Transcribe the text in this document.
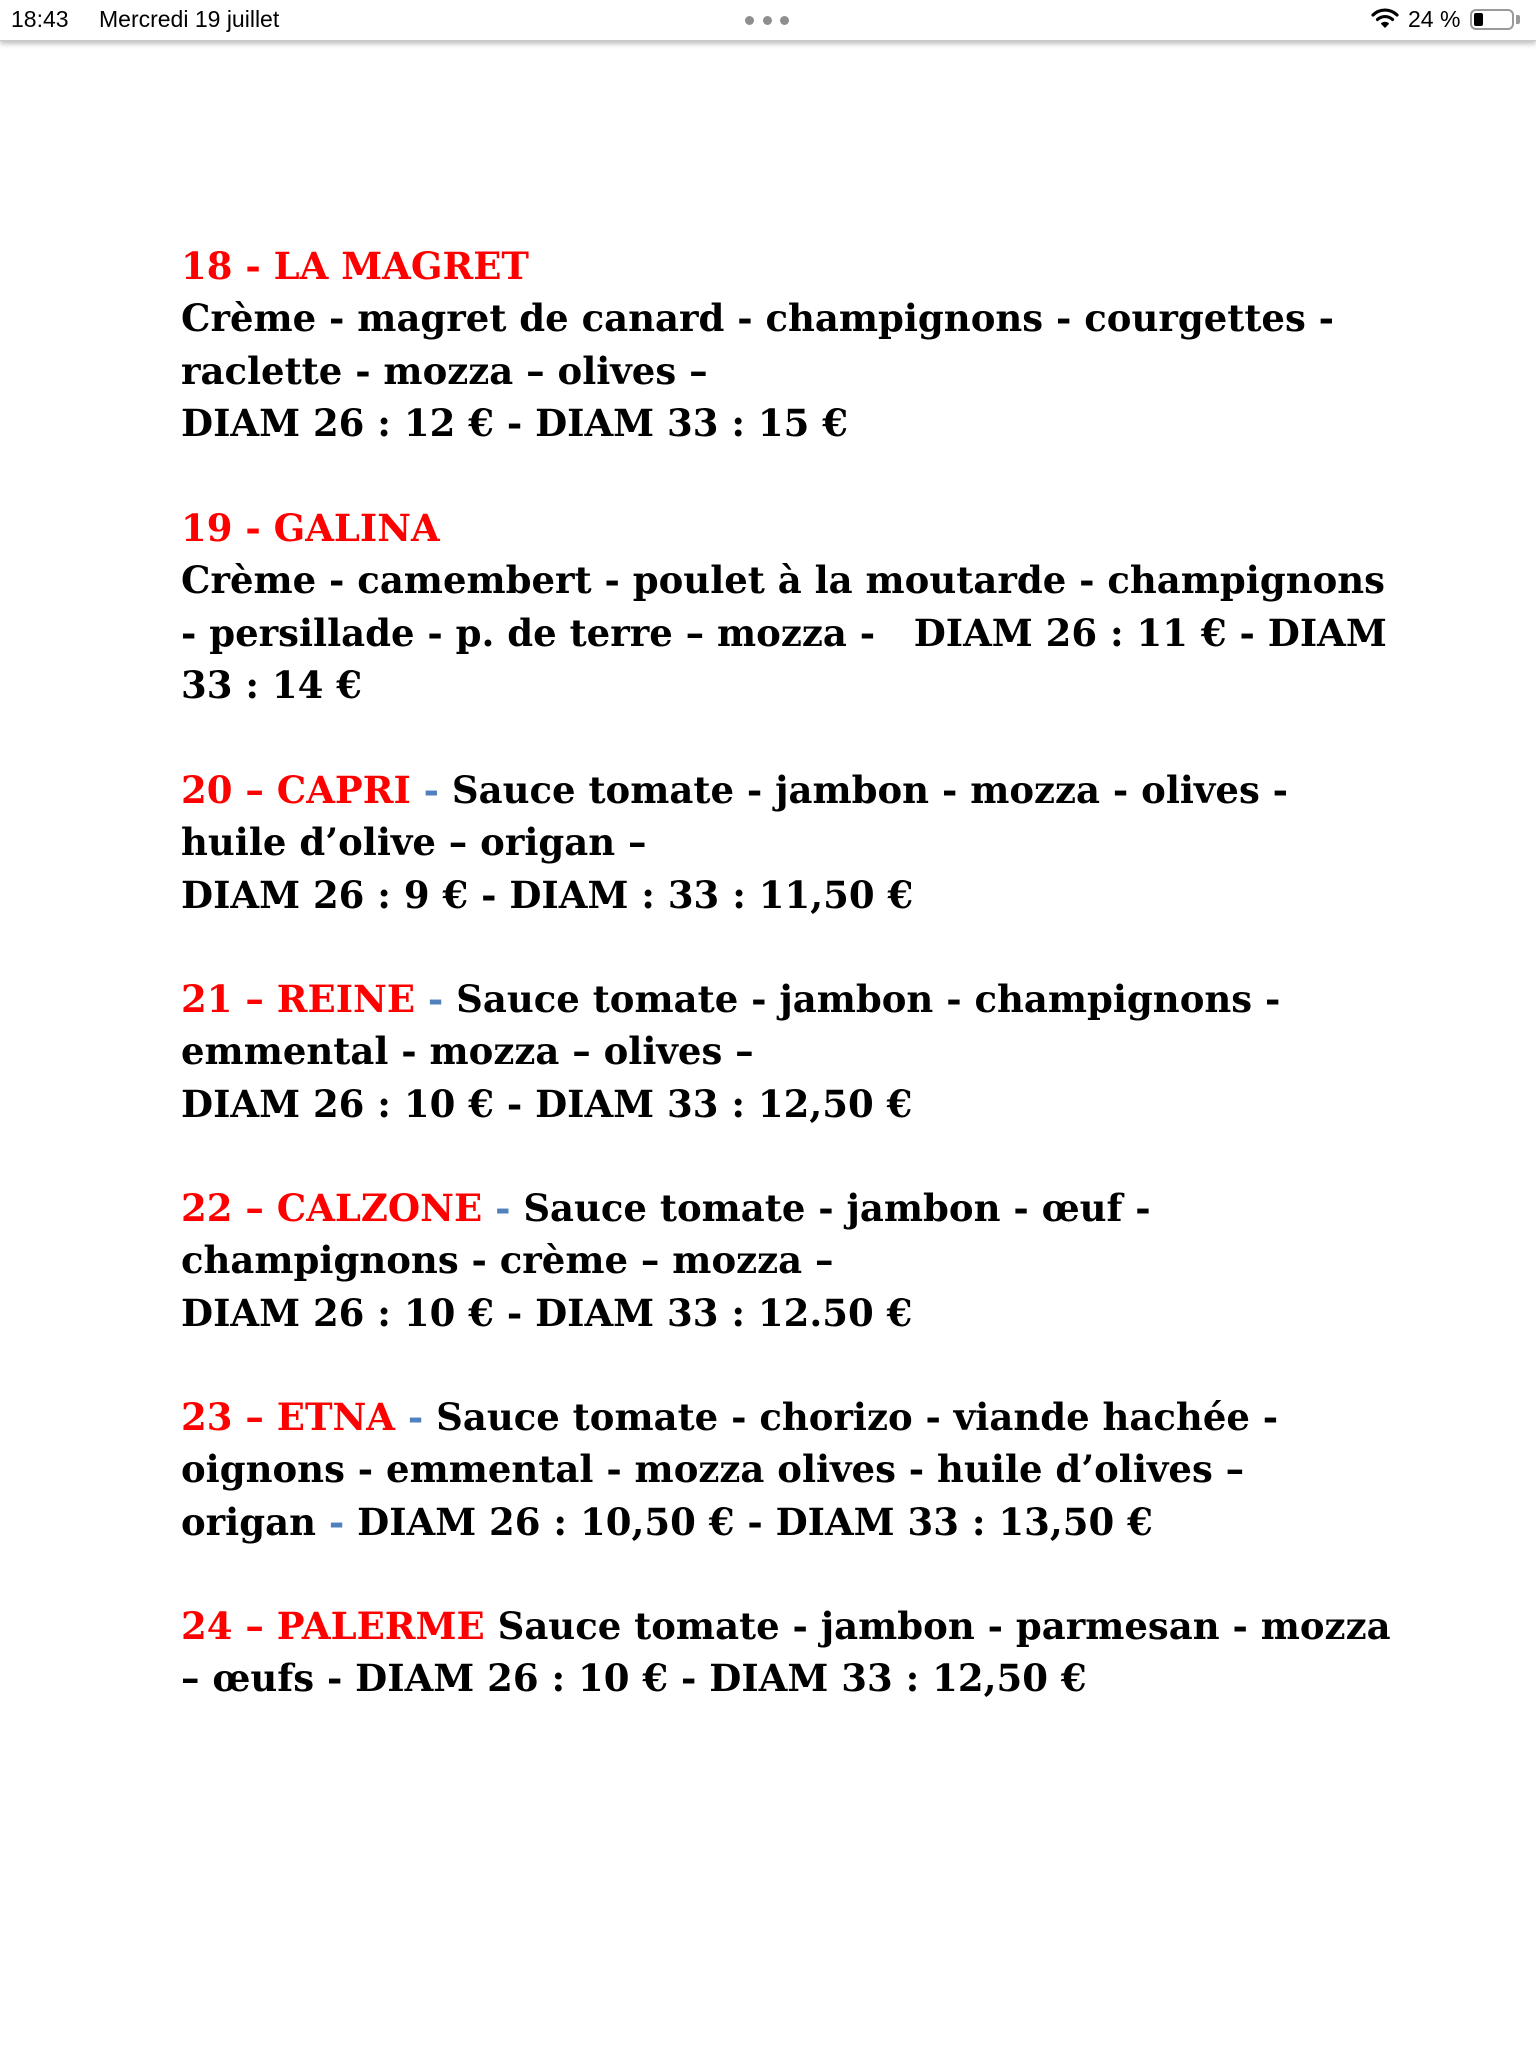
18:43 Mercredi 19 juillet	24 %
18 - LA MAGRET
Crème - magret de canard - champignons - courgettes -
raclette - mozza – olives –
DIAM 26 : 12 € - DIAM 33 : 15 €
19 - GALINA
Crème - camembert - poulet à la moutarde - champignons
- persillade - p. de terre – mozza -   DIAM 26 : 11 € - DIAM
33 : 14 €
20 – CAPRI - Sauce tomate - jambon - mozza - olives -
huile d’olive – origan –
DIAM 26 : 9 € - DIAM : 33 : 11,50 €
21 – REINE - Sauce tomate - jambon - champignons -
emmental - mozza – olives –
DIAM 26 : 10 € - DIAM 33 : 12,50 €
22 – CALZONE - Sauce tomate - jambon - œuf -
champignons - crème – mozza –
DIAM 26 : 10 € - DIAM 33 : 12.50 €
23 – ETNA - Sauce tomate - chorizo - viande hachée -
oignons - emmental - mozza olives - huile d’olives –
origan - DIAM 26 : 10,50 € - DIAM 33 : 13,50 €
24 – PALERME Sauce tomate - jambon - parmesan - mozza
– œufs - DIAM 26 : 10 € - DIAM 33 : 12,50 €
